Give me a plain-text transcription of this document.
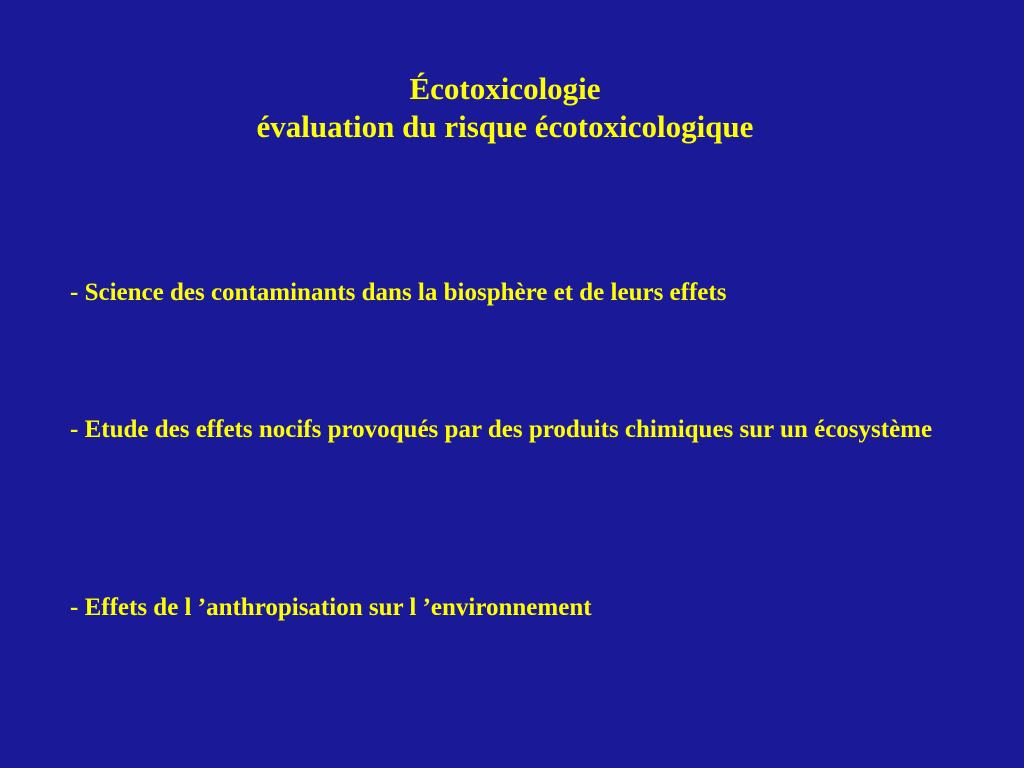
Écotoxicologie
évaluation du risque écotoxicologique
- Science des contaminants dans la biosphère et de leurs effets
- Etude des effets nocifs provoqués par des produits chimiques sur un écosystème
- Effets de l ’anthropisation sur l ’environnement
